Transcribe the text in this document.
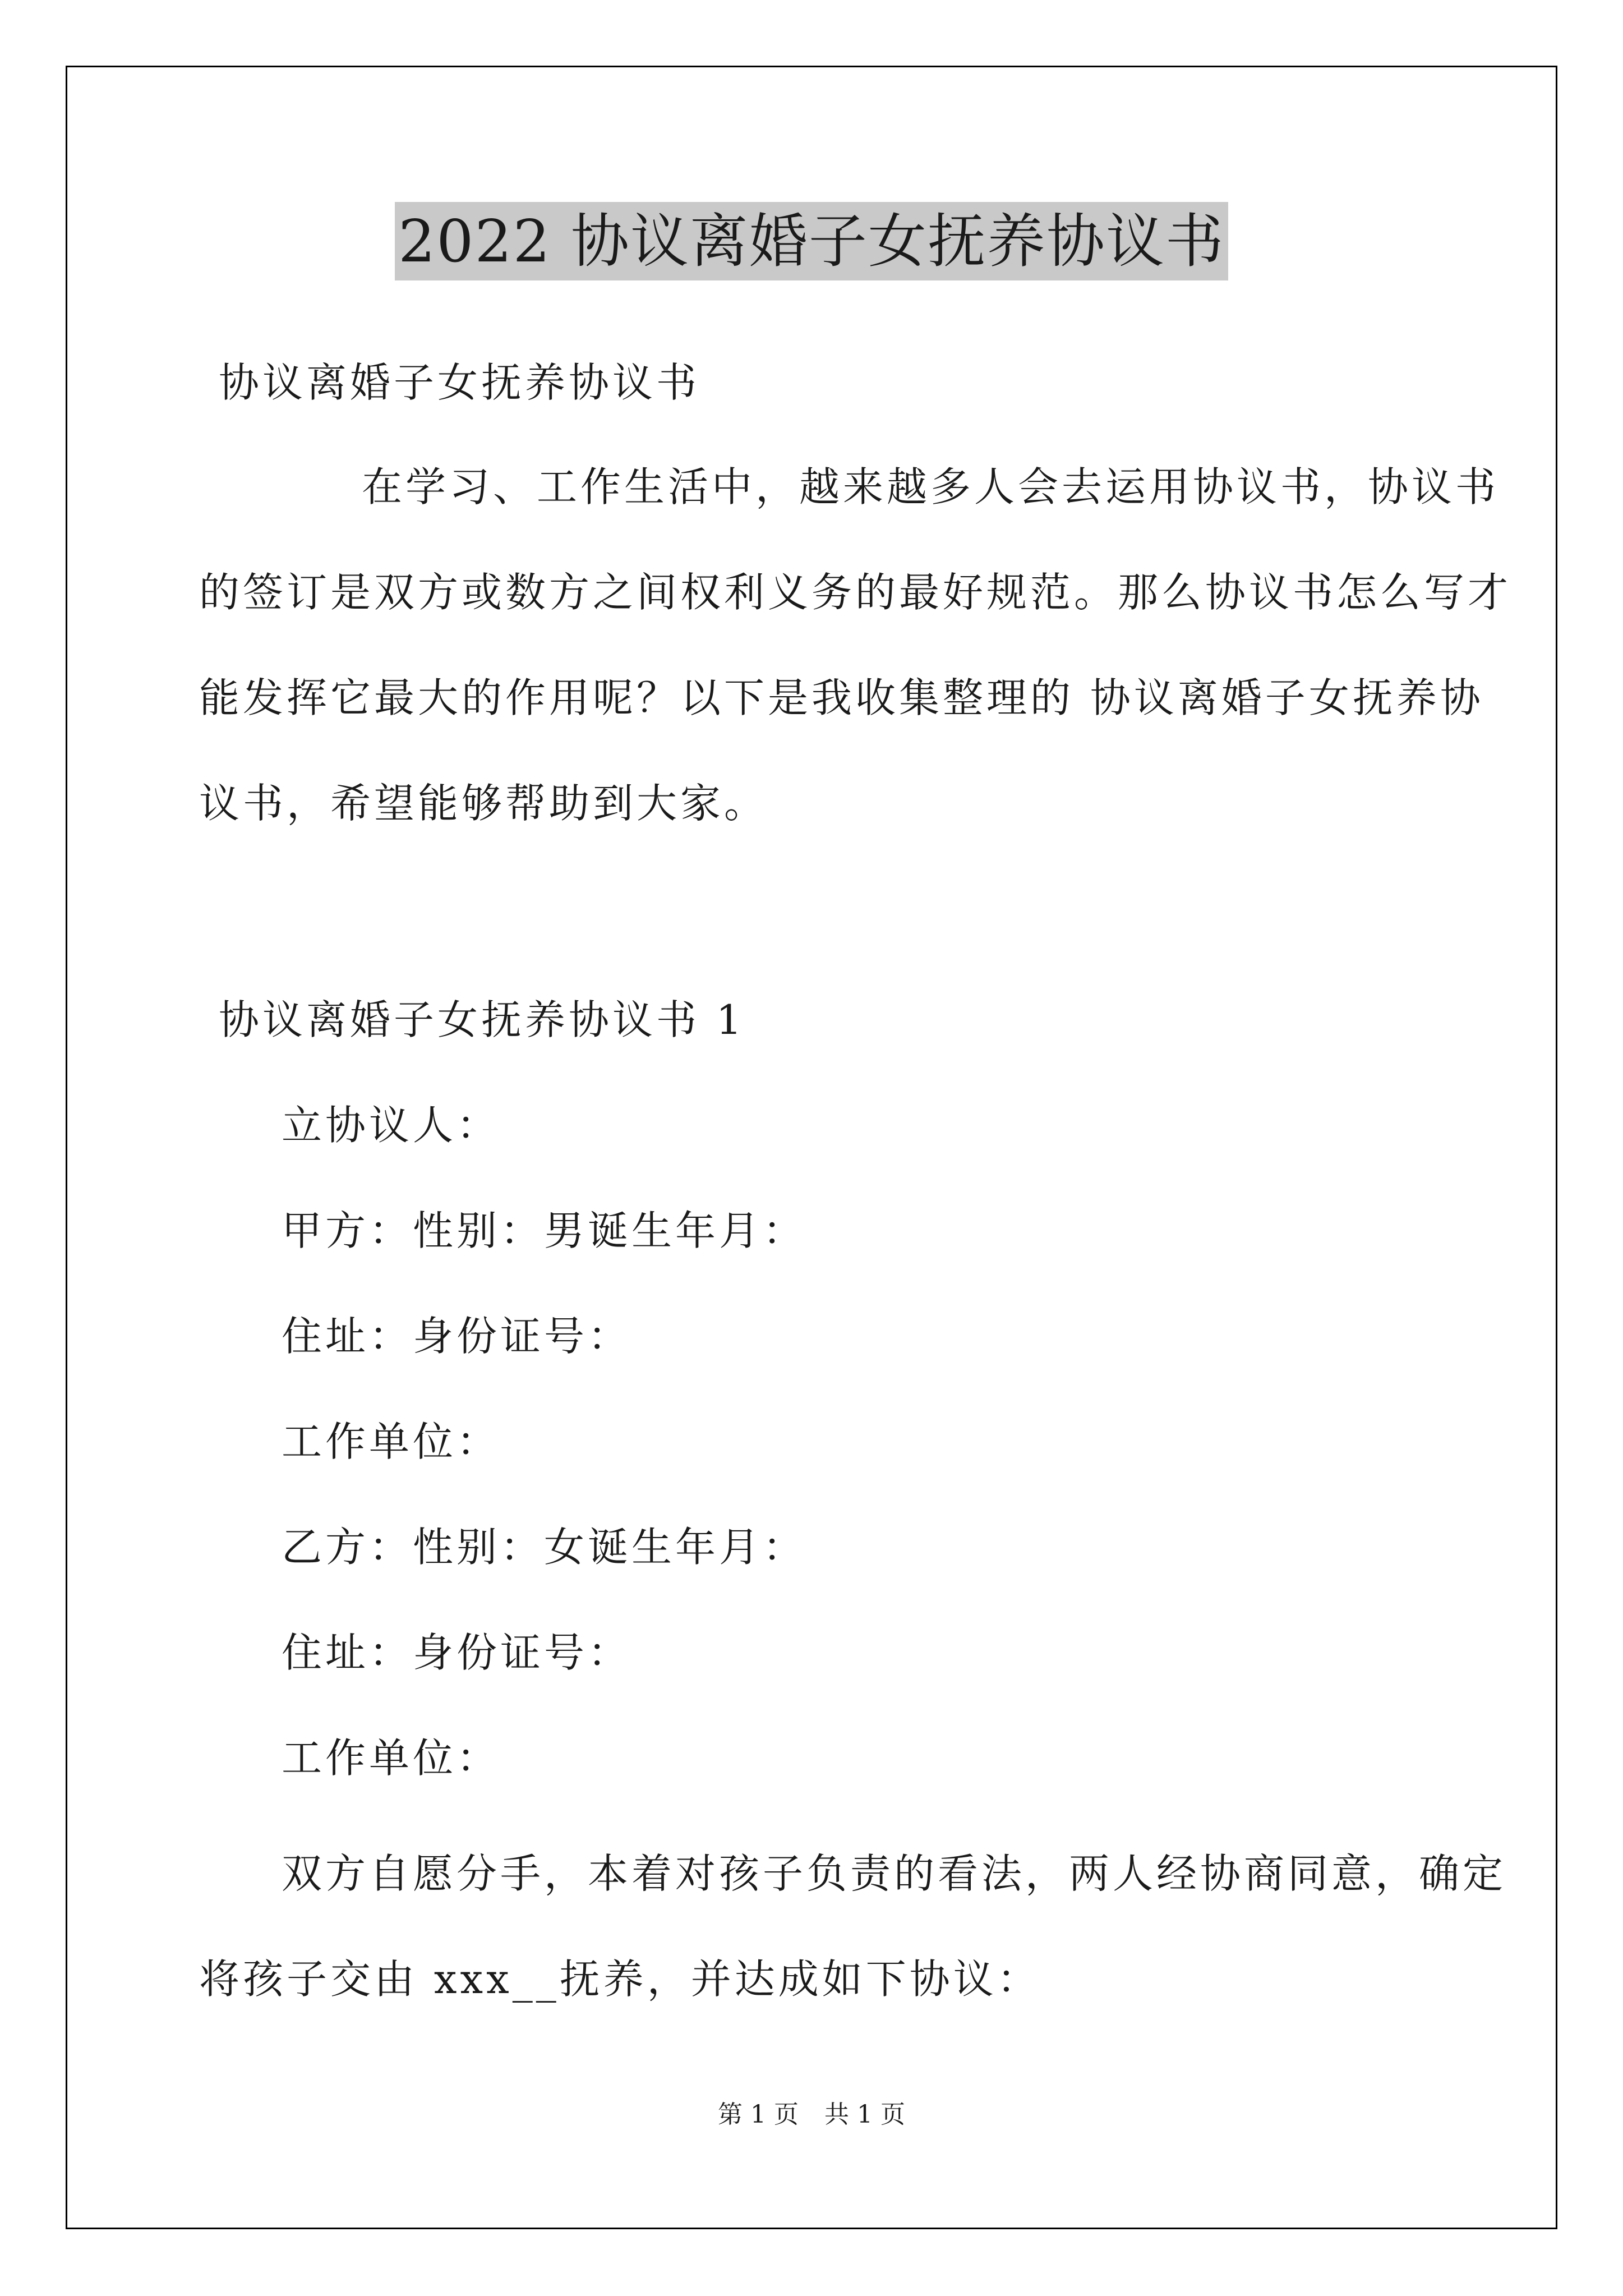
2022 协议离婚子女抚养协议书
协议离婚子女抚养协议书
在学习、工作生活中，越来越多人会去运用协议书，协议书
的签订是双方或数方之间权利义务的最好规范。那么协议书怎么写才
能发挥它最大的作用呢？以下是我收集整理的 协议离婚子女抚养协
议书，希望能够帮助到大家。
协议离婚子女抚养协议书 1
立协议人：
甲方：性别：男诞生年月：
住址：身份证号：
工作单位：
乙方：性别：女诞生年月：
住址：身份证号：
工作单位：
双方自愿分手，本着对孩子负责的看法，两人经协商同意，确定
将孩子交由 xxx__抚养，并达成如下协议：
第 1 页 共 1 页
